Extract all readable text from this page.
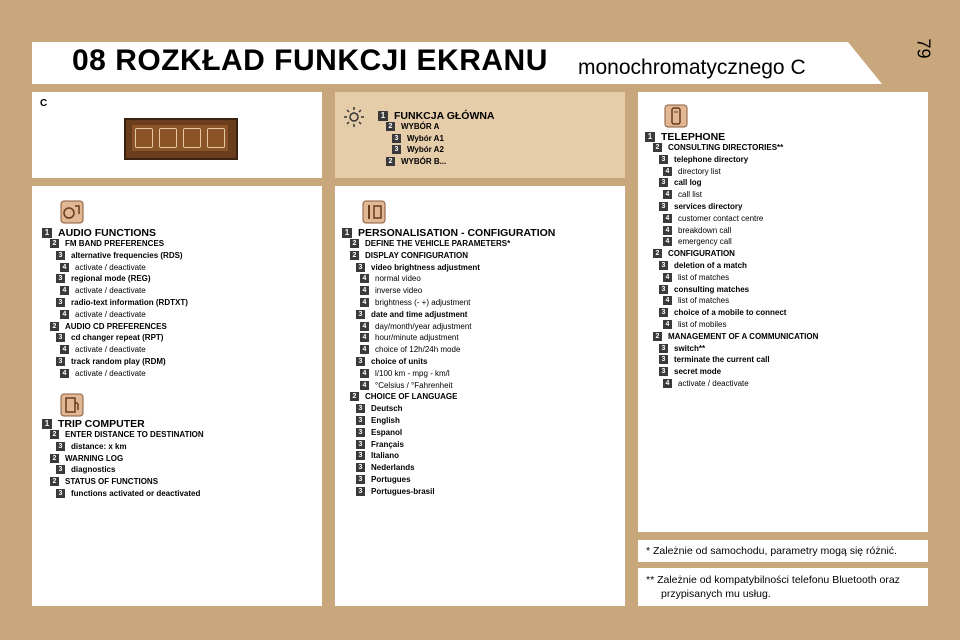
08 ROZKŁAD FUNKCJI EKRANU monochromatycznego C
79
C
1 FUNKCJA GŁÓWNA
2	WYBÓR A
3	Wybór A1
3	Wybór A2
2	WYBÓR B...
1 AUDIO FUNCTIONS
2	FM BAND PREFERENCES
3	alternative frequencies (RDS)
4	activate / deactivate
3	regional mode (REG)
4	activate / deactivate
3	radio-text information (RDTXT)
4	activate / deactivate
2	AUDIO CD PREFERENCES
3	cd changer repeat (RPT)
4	activate / deactivate
3	track random play (RDM)
4	activate / deactivate
1 TRIP COMPUTER
2	ENTER DISTANCE TO DESTINATION
3	distance: x km
2	WARNING LOG
3	diagnostics
2	STATUS OF FUNCTIONS
3	functions activated or deactivated
1 PERSONALISATION - CONFIGURATION
2	DEFINE THE VEHICLE PARAMETERS*
2	DISPLAY CONFIGURATION
3	video brightness adjustment
4	normal video
4	inverse video
4	brightness (- +) adjustment
3	date and time adjustment
4	day/month/year adjustment
4	hour/minute adjustment
4	choice of 12h/24h mode
3	choice of units
4	l/100 km - mpg - km/l
4	°Celsius / °Fahrenheit
2	CHOICE OF LANGUAGE
3	Deutsch
3	English
3	Espanol
3	Français
3	Italiano
3	Nederlands
3	Portugues
3	Portugues-brasil
1 TELEPHONE
2	CONSULTING DIRECTORIES**
3	telephone directory
4	directory list
3	call log
4	call list
3	services directory
4	customer contact centre
4	breakdown call
4	emergency call
2	CONFIGURATION
3	deletion of a match
4	list of matches
3	consulting matches
4	list of matches
3	choice of a mobile to connect
4	list of mobiles
2	MANAGEMENT OF A COMMUNICATION
3	switch**
3	terminate the current call
3	secret mode
4	activate / deactivate
* Zależnie od samochodu, parametry mogą się różnić.
** Zależnie od kompatybilności telefonu Bluetooth oraz
przypisanych mu usług.
